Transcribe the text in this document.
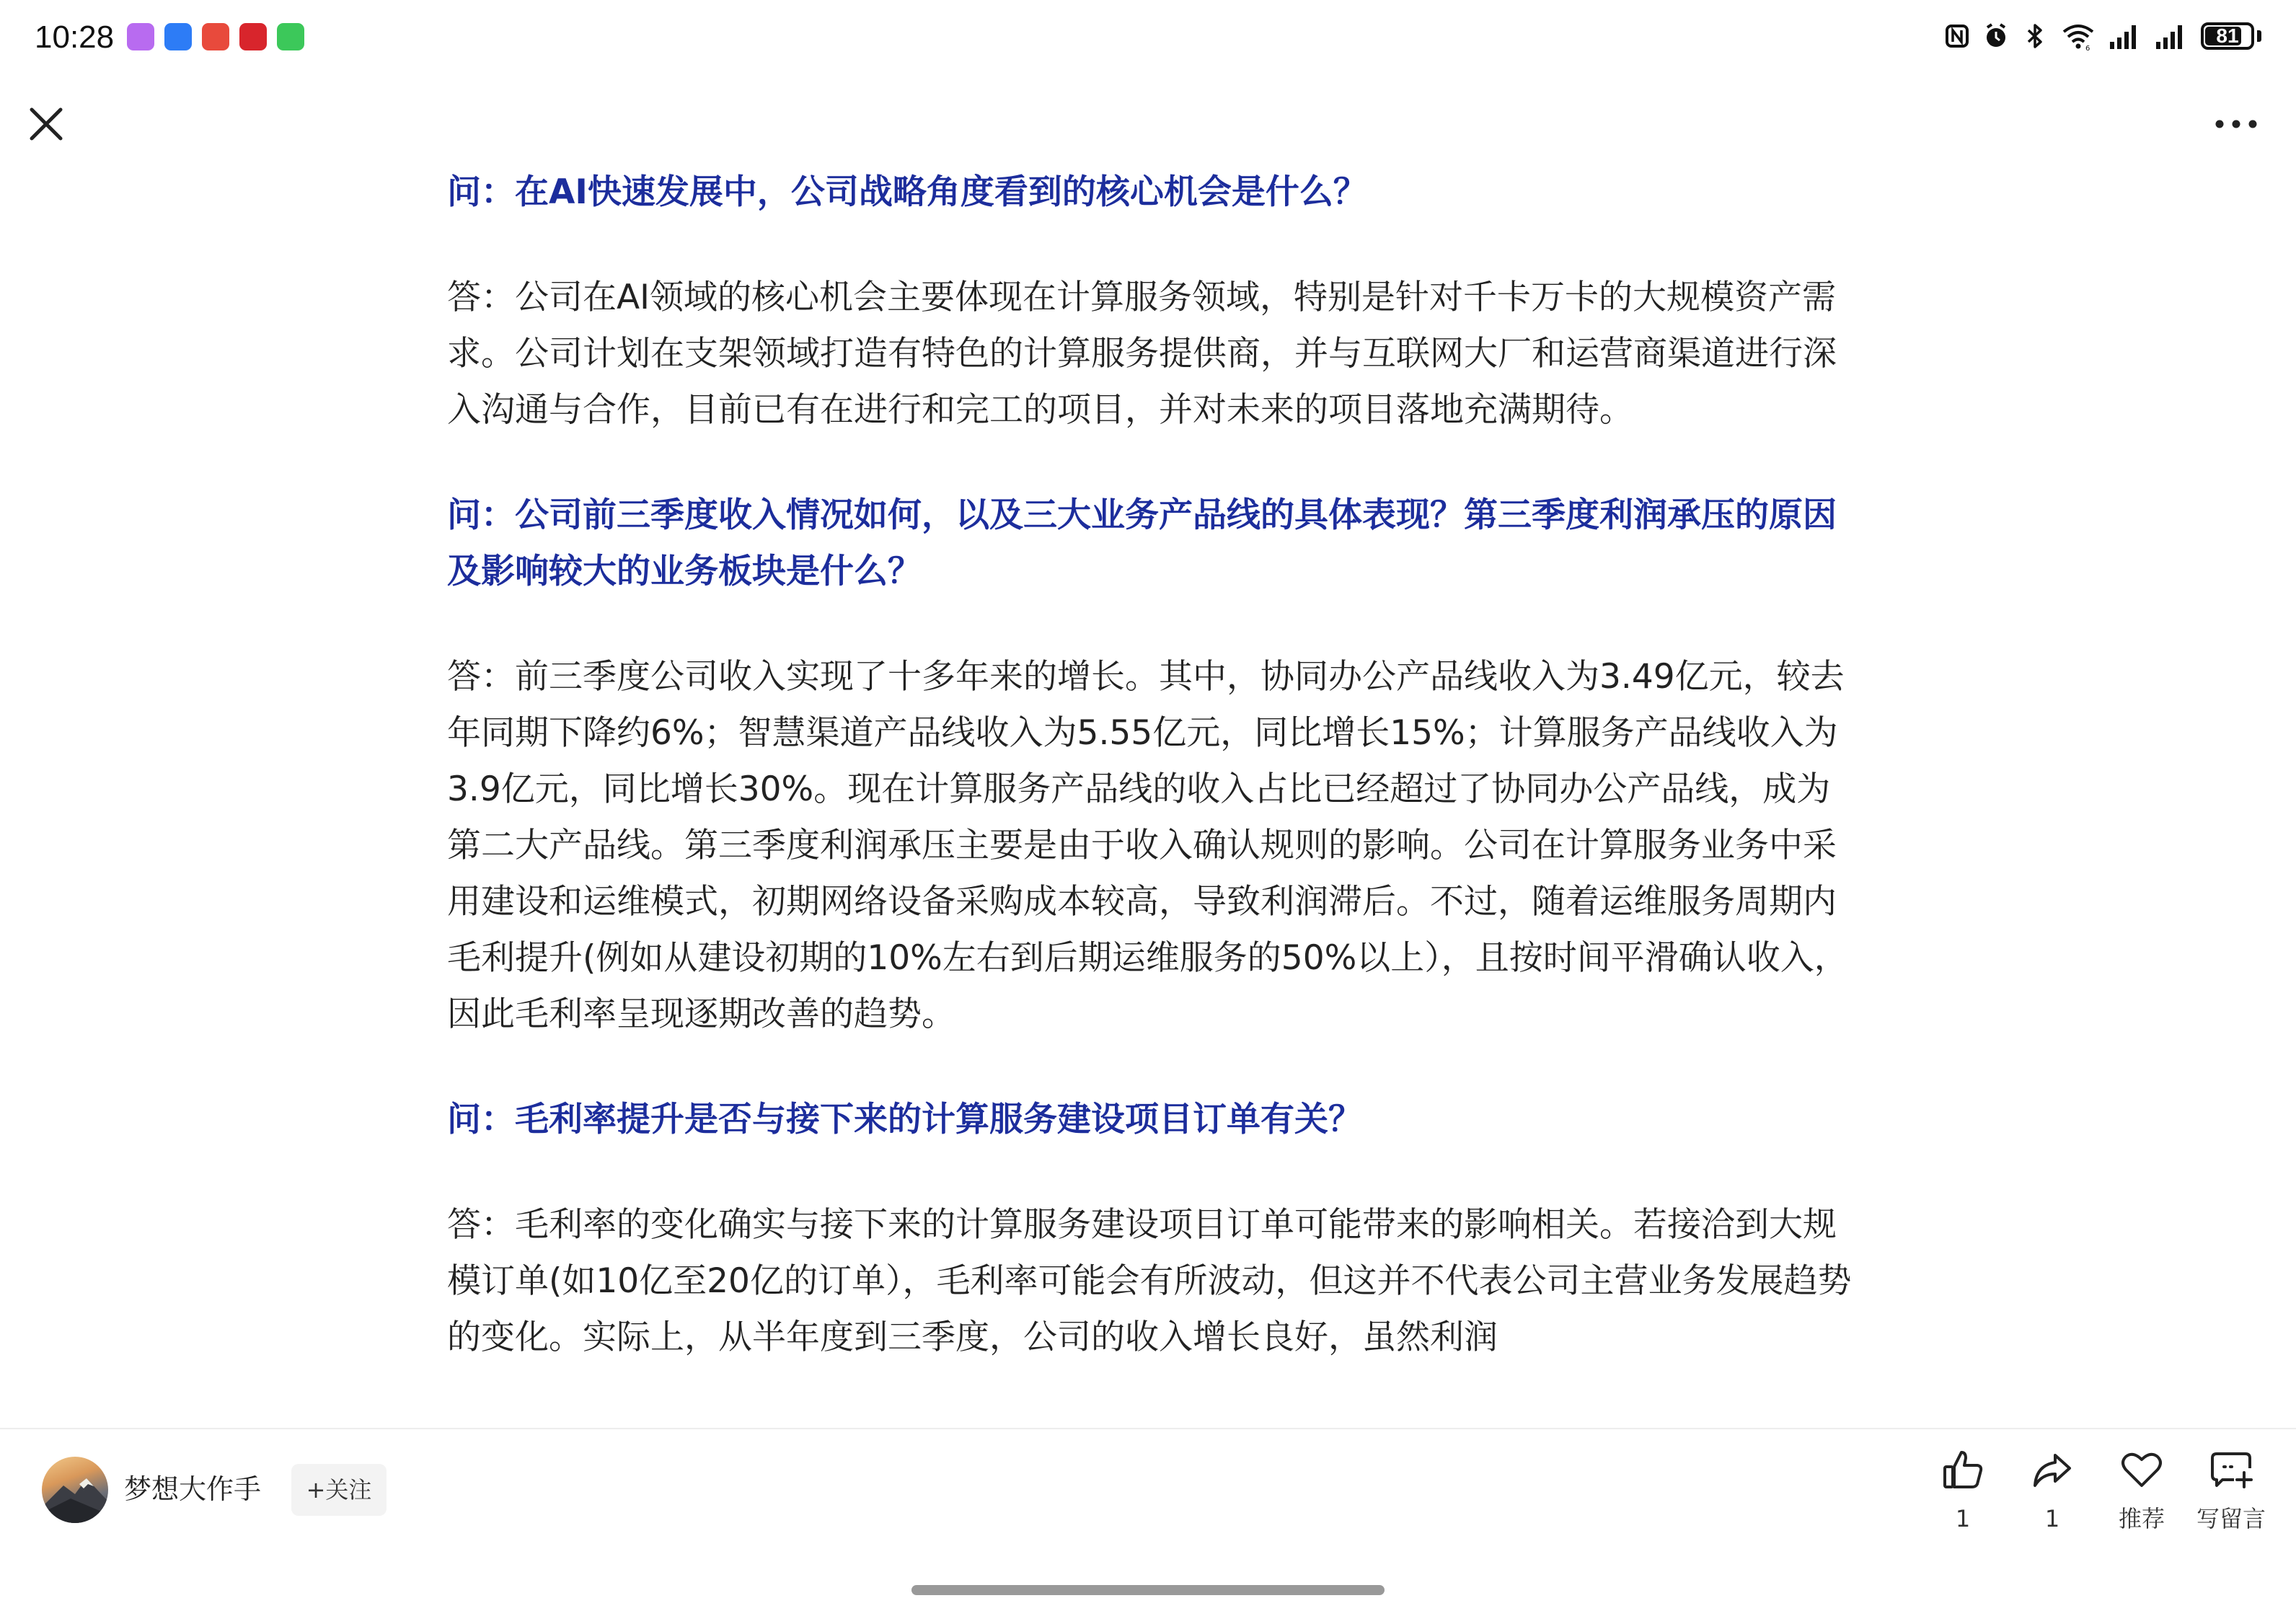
10:28	6
81

问：在AI快速发展中，公司战略角度看到的核心机会是什么？

答：公司在AI领域的核心机会主要体现在计算服务领域，特别是针对千卡万卡的大规模资产需求。公司计划在支架领域打造有特色的计算服务提供商，并与互联网大厂和运营商渠道进行深入沟通与合作，目前已有在进行和完工的项目，并对未来的项目落地充满期待。

问：公司前三季度收入情况如何，以及三大业务产品线的具体表现？第三季度利润承压的原因及影响较大的业务板块是什么？

答：前三季度公司收入实现了十多年来的增长。其中，协同办公产品线收入为3.49亿元，较去年同期下降约6%；智慧渠道产品线收入为5.55亿元，同比增长15%；计算服务产品线收入为3.9亿元，同比增长30%。现在计算服务产品线的收入占比已经超过了协同办公产品线，成为第二大产品线。第三季度利润承压主要是由于收入确认规则的影响。公司在计算服务业务中采用建设和运维模式，初期网络设备采购成本较高，导致利润滞后。不过，随着运维服务周期内毛利提升(例如从建设初期的10%左右到后期运维服务的50%以上），且按时间平滑确认收入，因此毛利率呈现逐期改善的趋势。

问：毛利率提升是否与接下来的计算服务建设项目订单有关？

答：毛利率的变化确实与接下来的计算服务建设项目订单可能带来的影响相关。若接洽到大规模订单(如10亿至20亿的订单），毛利率可能会有所波动，但这并不代表公司主营业务发展趋势的变化。实际上，从半年度到三季度，公司的收入增长良好，虽然利润

梦想大作手	+关注
1	1	推荐 写留言
